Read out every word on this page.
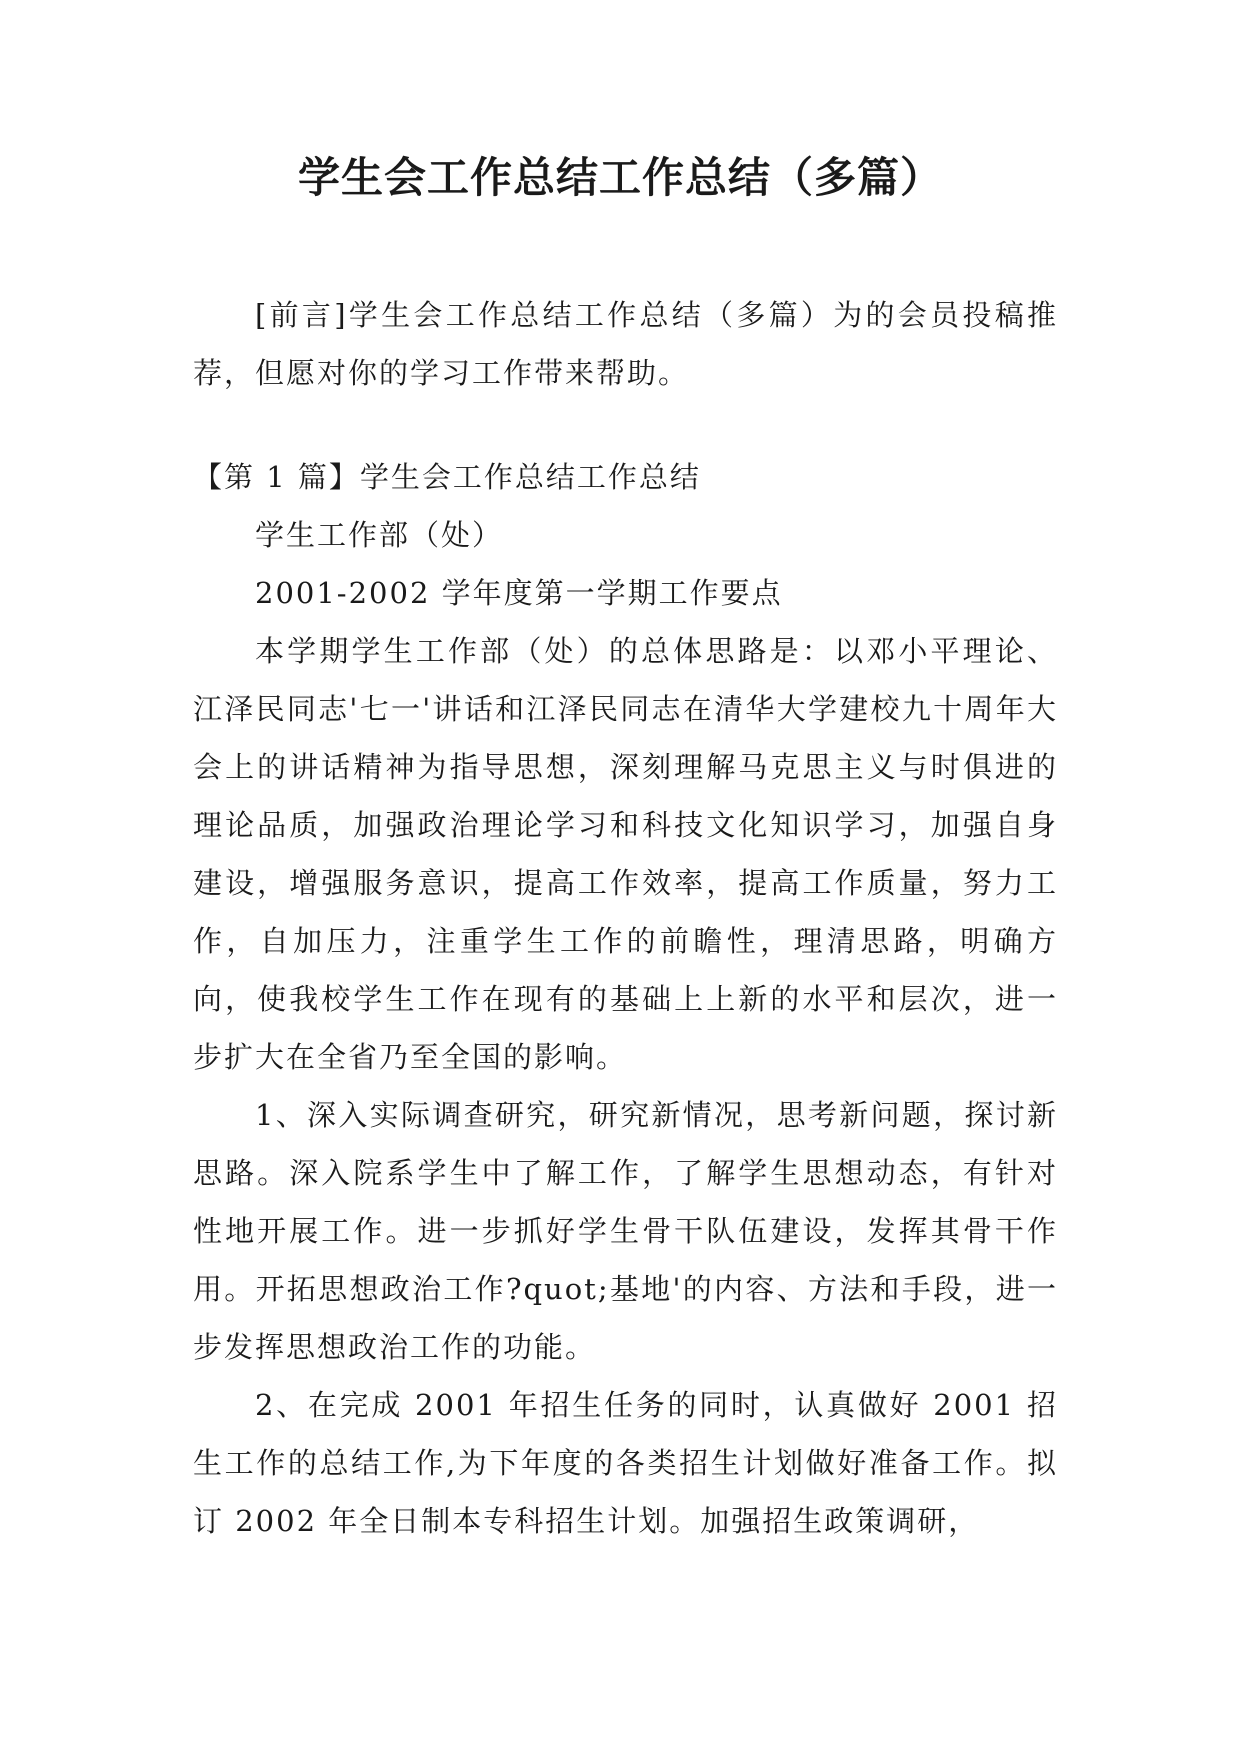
学生会工作总结工作总结（多篇）

[前言]学生会工作总结工作总结（多篇）为的会员投稿推荐，但愿对你的学习工作带来帮助。

【第 1 篇】学生会工作总结工作总结

学生工作部（处）

2001-2002 学年度第一学期工作要点

本学期学生工作部（处）的总体思路是：以邓小平理论、江泽民同志'七一'讲话和江泽民同志在清华大学建校九十周年大会上的讲话精神为指导思想，深刻理解马克思主义与时俱进的理论品质，加强政治理论学习和科技文化知识学习，加强自身建设，增强服务意识，提高工作效率，提高工作质量，努力工作，自加压力，注重学生工作的前瞻性，理清思路，明确方向，使我校学生工作在现有的基础上上新的水平和层次，进一步扩大在全省乃至全国的影响。

1、深入实际调查研究，研究新情况，思考新问题，探讨新思路。深入院系学生中了解工作，了解学生思想动态，有针对性地开展工作。进一步抓好学生骨干队伍建设，发挥其骨干作用。开拓思想政治工作?quot;基地'的内容、方法和手段，进一步发挥思想政治工作的功能。

2、在完成 2001 年招生任务的同时，认真做好 2001 招生工作的总结工作,为下年度的各类招生计划做好准备工作。拟订 2002 年全日制本专科招生计划。加强招生政策调研，
